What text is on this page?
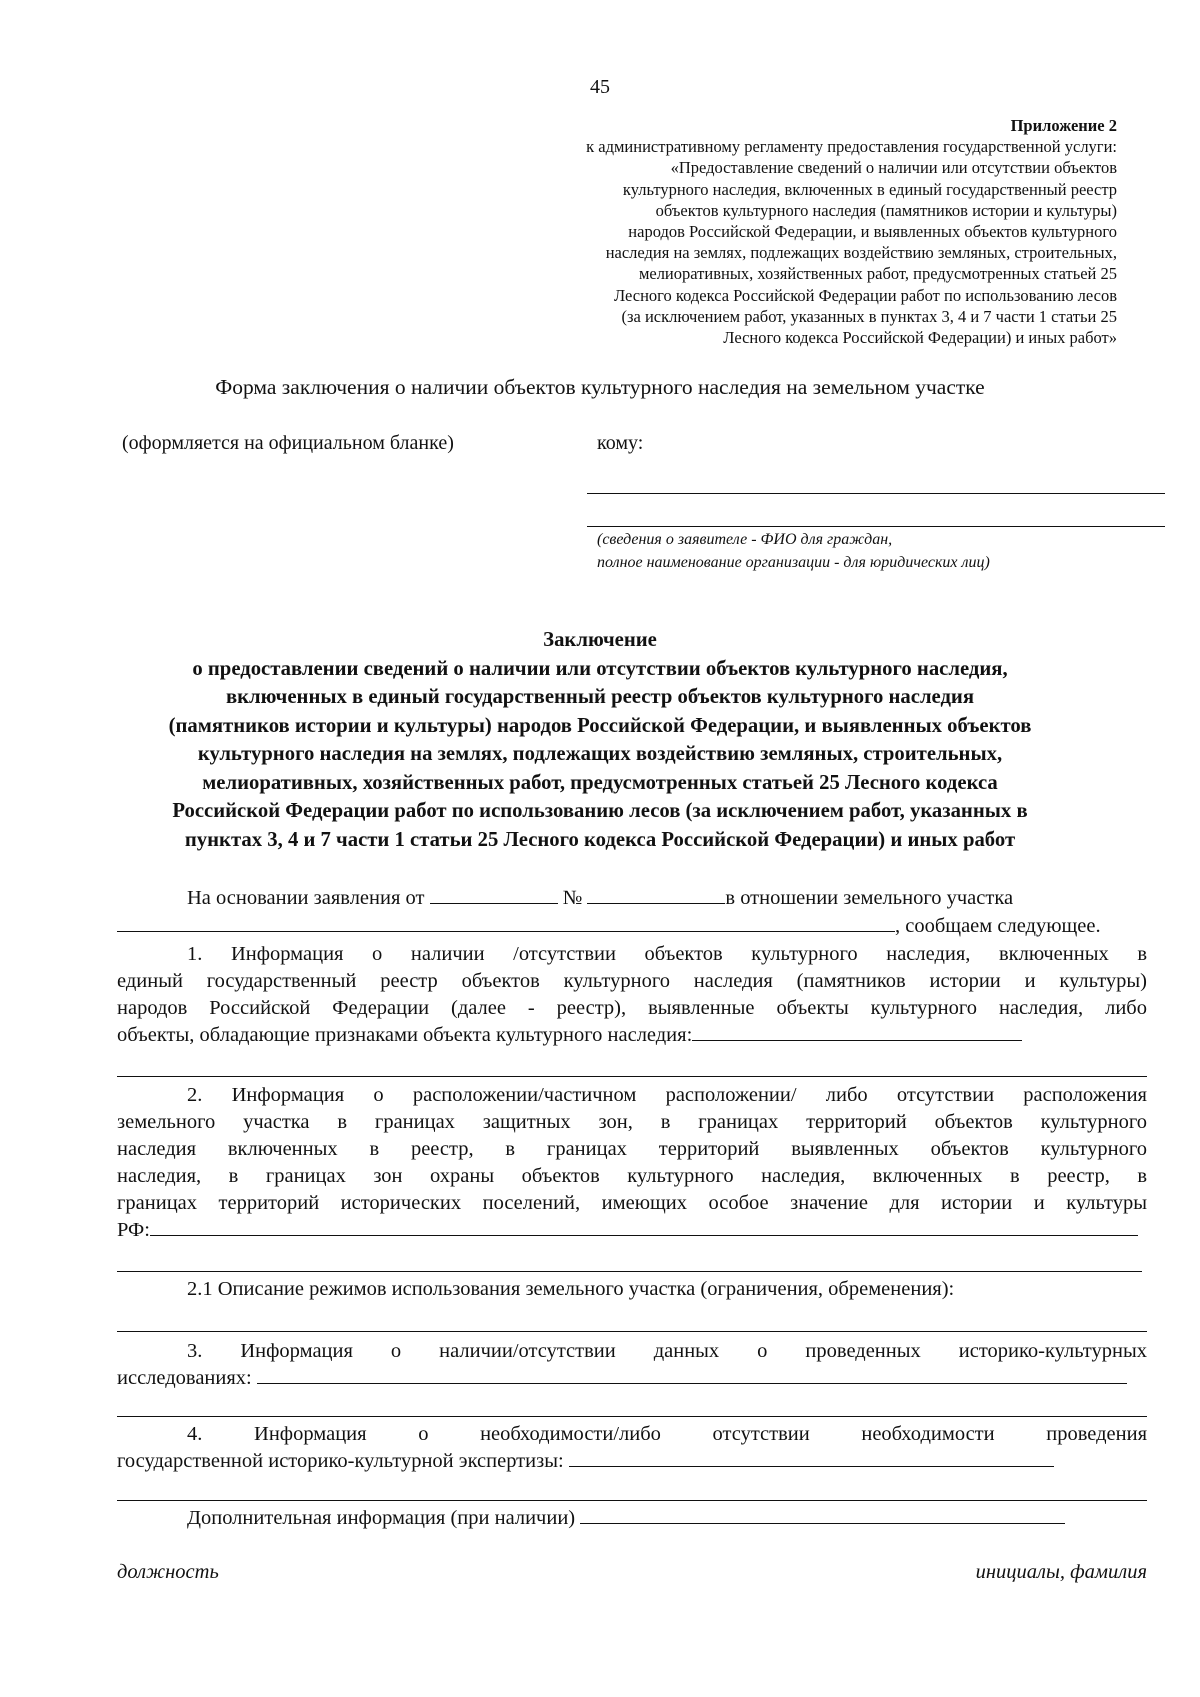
45
Приложение 2
к административному регламенту предоставления государственной услуги:
«Предоставление сведений о наличии или отсутствии объектов
культурного наследия, включенных в единый государственный реестр
объектов культурного наследия (памятников истории и культуры)
народов Российской Федерации, и выявленных объектов культурного
наследия на землях, подлежащих воздействию земляных, строительных,
мелиоративных, хозяйственных работ, предусмотренных статьей 25
Лесного кодекса Российской Федерации работ по использованию лесов
(за исключением работ, указанных в пунктах 3, 4 и 7 части 1 статьи 25
Лесного кодекса Российской Федерации) и иных работ»
Форма заключения о наличии объектов культурного наследия на земельном участке
(оформляется на официальном бланке)	кому:
(сведения о заявителе - ФИО для граждан,
полное наименование организации - для юридических лиц)
Заключение
о предоставлении сведений о наличии или отсутствии объектов культурного наследия,
включенных в единый государственный реестр объектов культурного наследия
(памятников истории и культуры) народов Российской Федерации, и выявленных объектов
культурного наследия на землях, подлежащих воздействию земляных, строительных,
мелиоративных, хозяйственных работ, предусмотренных статьей 25 Лесного кодекса
Российской Федерации работ по использованию лесов (за исключением работ, указанных в
пунктах 3, 4 и 7 части 1 статьи 25 Лесного кодекса Российской Федерации) и иных работ
На основании заявления от	№	в отношении земельного участка
, сообщаем следующее.
1. Информация о наличии /отсутствии объектов культурного наследия, включенных в
единый государственный реестр объектов культурного наследия (памятников истории и культуры)
народов Российской Федерации (далее - реестр), выявленные объекты культурного наследия, либо
объекты, обладающие признаками объекта культурного наследия:
2. Информация о расположении/частичном расположении/ либо отсутствии расположения
земельного участка в границах защитных зон, в границах территорий объектов культурного
наследия включенных в реестр, в границах территорий выявленных объектов культурного
наследия, в границах зон охраны объектов культурного наследия, включенных в реестр, в
границах территорий исторических поселений, имеющих особое значение для истории и культуры
РФ:
2.1 Описание режимов использования земельного участка (ограничения, обременения):
3. Информация о наличии/отсутствии данных о проведенных историко-культурных
исследованиях:
4. Информация о необходимости/либо отсутствии необходимости проведения
государственной историко-культурной экспертизы:
Дополнительная информация (при наличии)
должность	инициалы, фамилия
